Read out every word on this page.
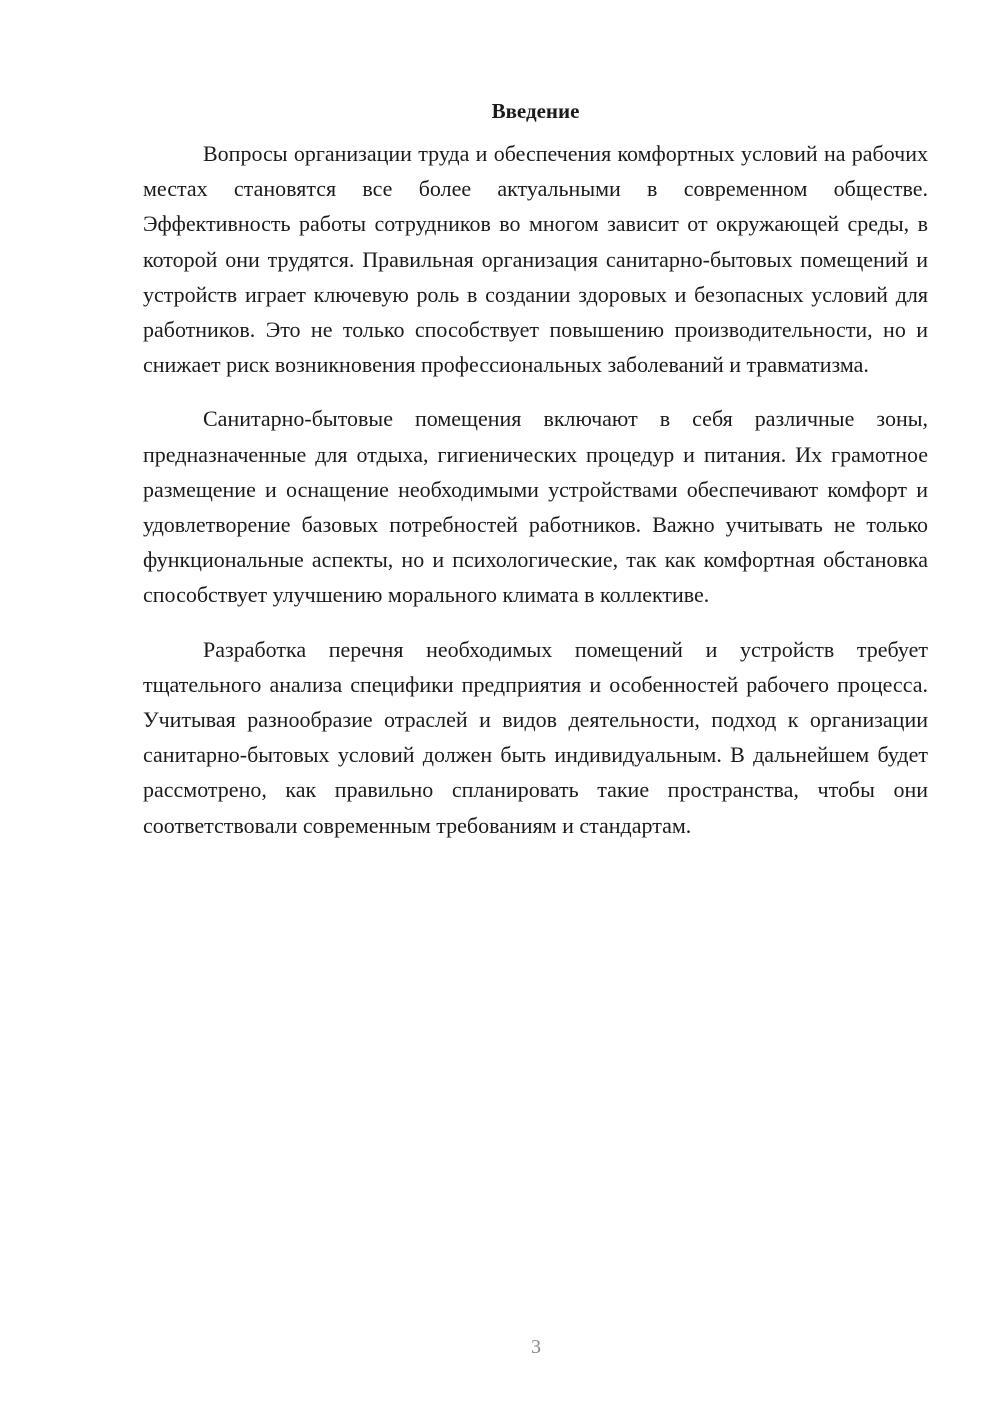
Введение

Вопросы организации труда и обеспечения комфортных условий на рабочих местах становятся все более актуальными в современном обществе. Эффективность работы сотрудников во многом зависит от окружающей среды, в которой они трудятся. Правильная организация санитарно-бытовых помещений и устройств играет ключевую роль в создании здоровых и безопасных условий для работников. Это не только способствует повышению производительности, но и снижает риск возникновения профессиональных заболеваний и травматизма.

Санитарно-бытовые помещения включают в себя различные зоны, предназначенные для отдыха, гигиенических процедур и питания. Их грамотное размещение и оснащение необходимыми устройствами обеспечивают комфорт и удовлетворение базовых потребностей работников. Важно учитывать не только функциональные аспекты, но и психологические, так как комфортная обстановка способствует улучшению морального климата в коллективе.

Разработка перечня необходимых помещений и устройств требует тщательного анализа специфики предприятия и особенностей рабочего процесса. Учитывая разнообразие отраслей и видов деятельности, подход к организации санитарно-бытовых условий должен быть индивидуальным. В дальнейшем будет рассмотрено, как правильно спланировать такие пространства, чтобы они соответствовали современным требованиям и стандартам.

3
